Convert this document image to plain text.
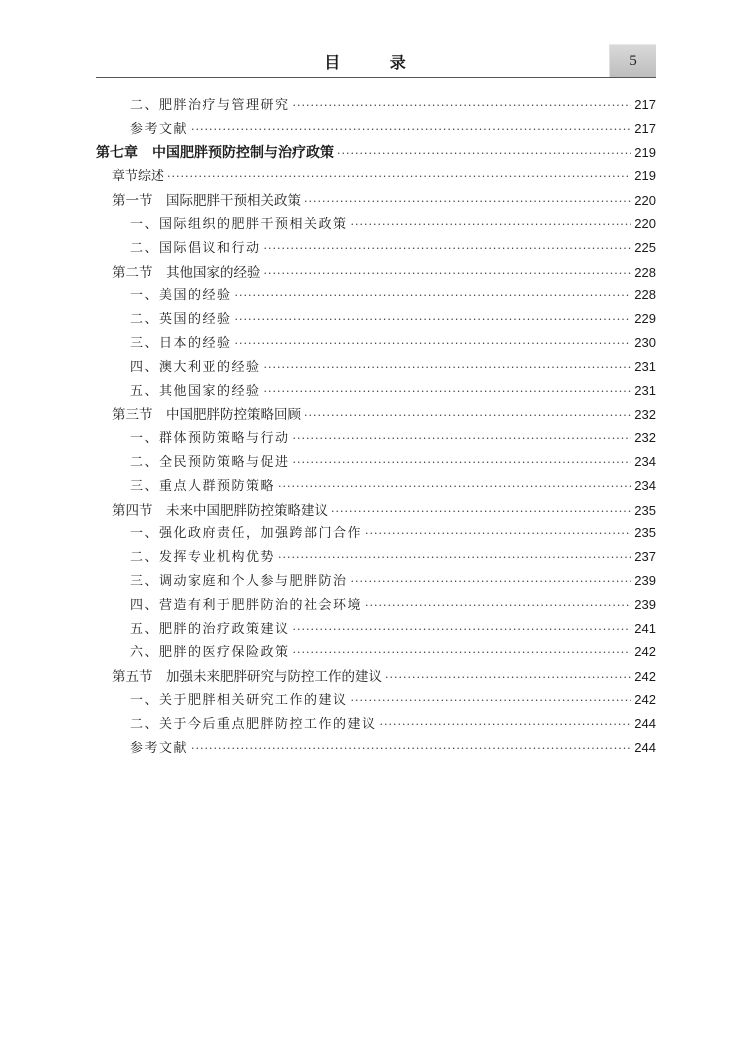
目 录	5
二、肥胖治疗与管理研究 ·····	217
参考文献 ·····	217
第七章　中国肥胖预防控制与治疗政策 ·····	219
章节综述 ·····	219
第一节　国际肥胖干预相关政策 ·····	220
一、国际组织的肥胖干预相关政策 ·····	220
二、国际倡议和行动 ·····	225
第二节　其他国家的经验 ·····	228
一、美国的经验 ·····	228
二、英国的经验 ·····	229
三、日本的经验 ·····	230
四、澳大利亚的经验 ·····	231
五、其他国家的经验 ·····	231
第三节　中国肥胖防控策略回顾 ·····	232
一、群体预防策略与行动 ·····	232
二、全民预防策略与促进 ·····	234
三、重点人群预防策略 ·····	234
第四节　未来中国肥胖防控策略建议 ·····	235
一、强化政府责任，加强跨部门合作 ·····	235
二、发挥专业机构优势 ·····	237
三、调动家庭和个人参与肥胖防治 ·····	239
四、营造有利于肥胖防治的社会环境 ·····	239
五、肥胖的治疗政策建议 ·····	241
六、肥胖的医疗保险政策 ·····	242
第五节　加强未来肥胖研究与防控工作的建议 ·····	242
一、关于肥胖相关研究工作的建议 ·····	242
二、关于今后重点肥胖防控工作的建议 ·····	244
参考文献 ·····	244
